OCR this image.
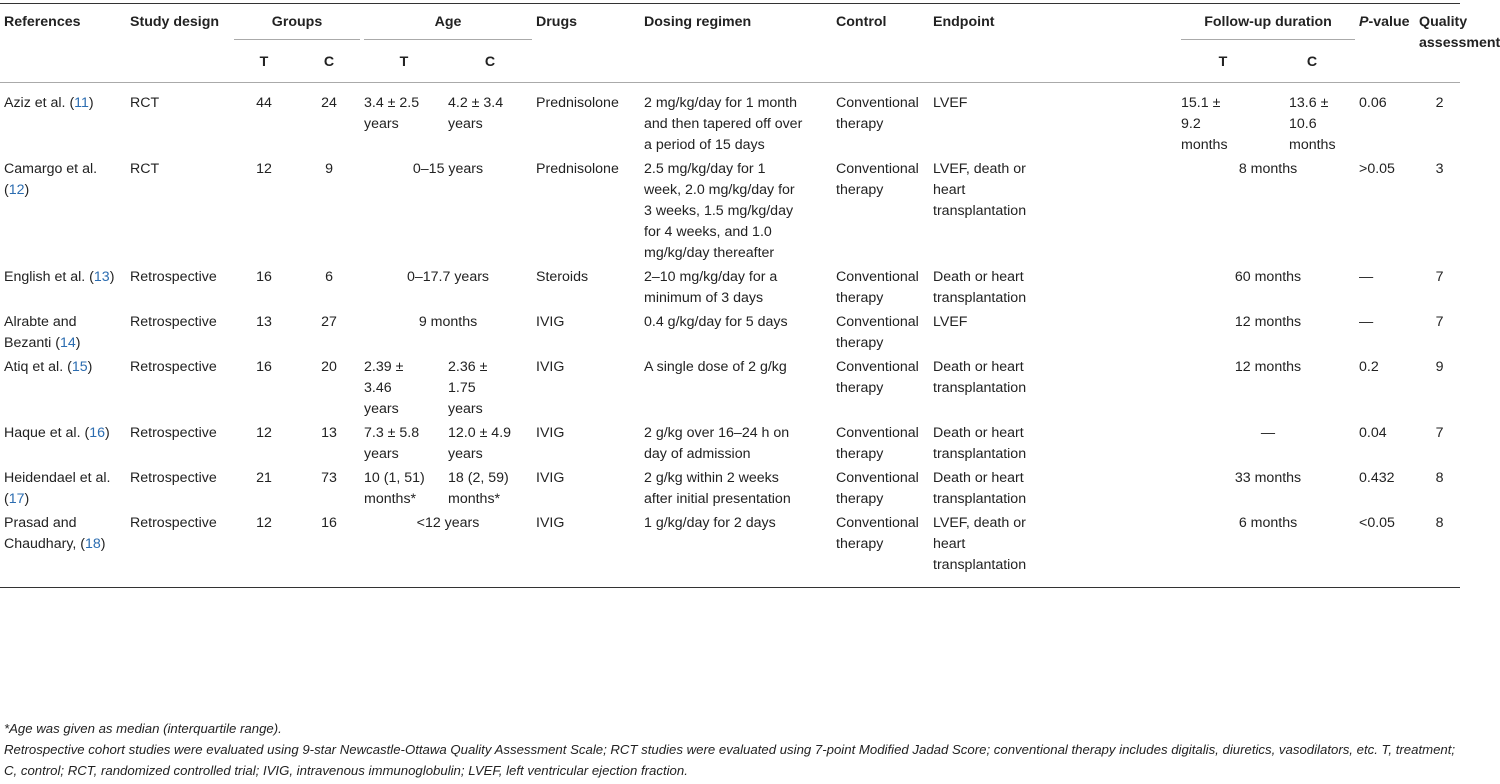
References	Study design	Groups		Age		Drugs	Dosing regimen	Control	Endpoint	Follow-up duration		P-value	Quality assessment
		T	C	T	C					T	C		
Aziz et al. (11)	RCT	44	24	3.4 ± 2.5 years	4.2 ± 3.4 years	Prednisolone	2 mg/kg/day for 1 month and then tapered off over a period of 15 days	Conventional therapy	LVEF	15.1 ± 9.2 months	13.6 ± 10.6 months	0.06	2
Camargo et al. (12)	RCT	12	9	0–15 years		Prednisolone	2.5 mg/kg/day for 1 week, 2.0 mg/kg/day for 3 weeks, 1.5 mg/kg/day for 4 weeks, and 1.0 mg/kg/day thereafter	Conventional therapy	LVEF, death or heart transplantation	8 months		>0.05	3
English et al. (13)	Retrospective	16	6	0–17.7 years		Steroids	2–10 mg/kg/day for a minimum of 3 days	Conventional therapy	Death or heart transplantation	60 months		—	7
Alrabte and Bezanti (14)	Retrospective	13	27	9 months		IVIG	0.4 g/kg/day for 5 days	Conventional therapy	LVEF	12 months		—	7
Atiq et al. (15)	Retrospective	16	20	2.39 ± 3.46 years	2.36 ± 1.75 years	IVIG	A single dose of 2 g/kg	Conventional therapy	Death or heart transplantation	12 months		0.2	9
Haque et al. (16)	Retrospective	12	13	7.3 ± 5.8 years	12.0 ± 4.9 years	IVIG	2 g/kg over 16–24 h on day of admission	Conventional therapy	Death or heart transplantation	—		0.04	7
Heidendael et al. (17)	Retrospective	21	73	10 (1, 51) months*	18 (2, 59) months*	IVIG	2 g/kg within 2 weeks after initial presentation	Conventional therapy	Death or heart transplantation	33 months		0.432	8

Prasad and Chaudhary, (18)	Retrospective	12	16	<12 years		IVIG	1 g/kg/day for 2 days	Conventional therapy	LVEF, death or heart transplantation	6 months		<0.05	8

*Age was given as median (interquartile range).

Retrospective cohort studies were evaluated using 9-star Newcastle-Ottawa Quality Assessment Scale; RCT studies were evaluated using 7-point Modified Jadad Score; conventional therapy includes digitalis, diuretics, vasodilators, etc. T, treatment; C, control; RCT, randomized controlled trial; IVIG, intravenous immunoglobulin; LVEF, left ventricular ejection fraction.
